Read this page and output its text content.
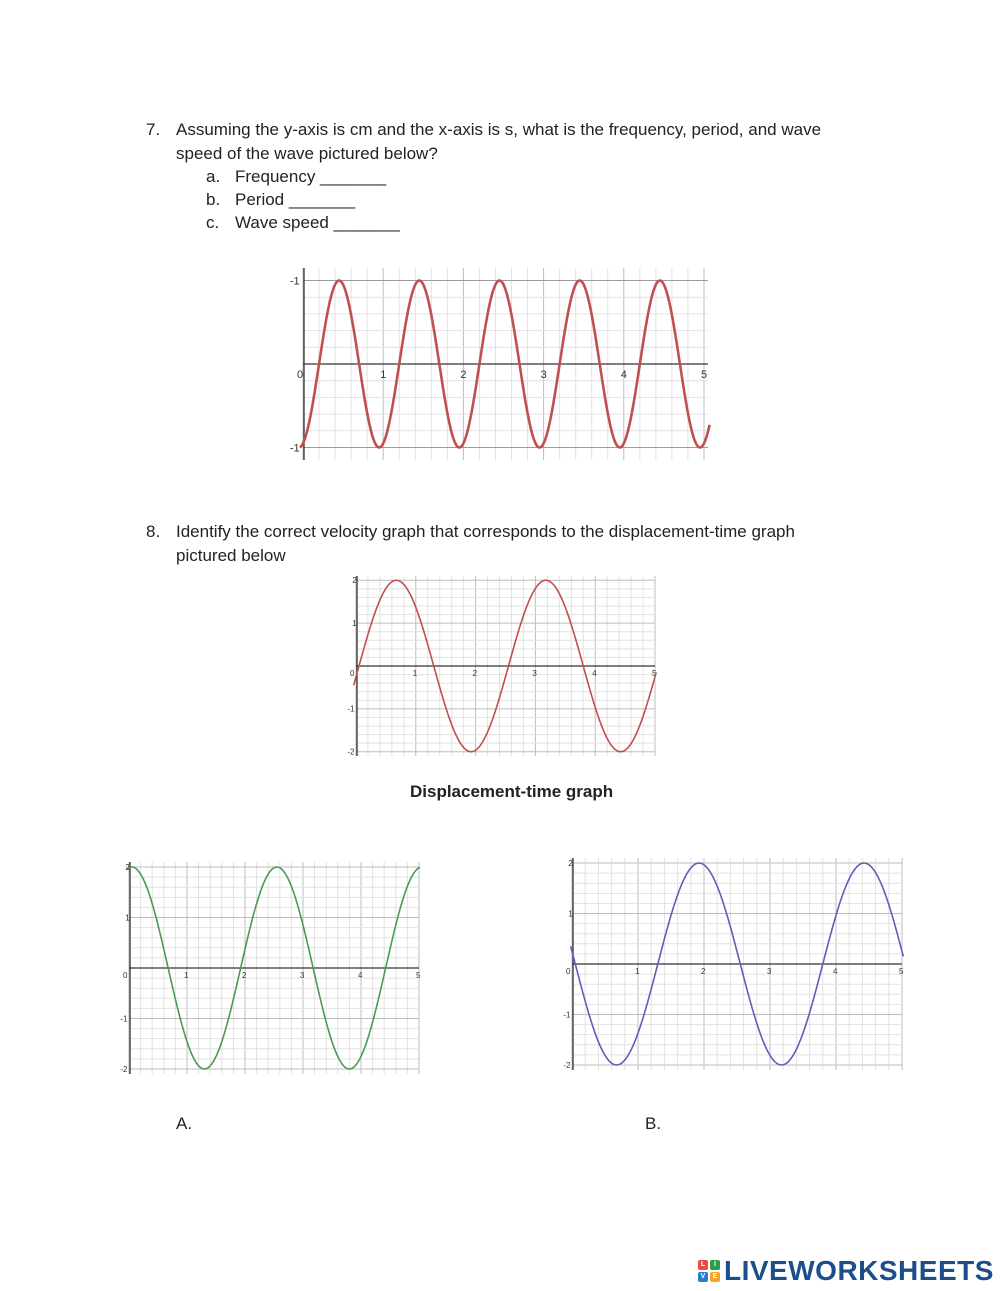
7. Assuming the y-axis is cm and the x-axis is s, what is the frequency, period, and wave
speed of the wave pictured below?
a. Frequency _______
b. Period _______
c. Wave speed _______
0	1	2	3	4	5
-1
-1
8. Identify the correct velocity graph that corresponds to the displacement-time graph
pictured below
0	1	2	3	4	5
2
1
-1
-2
Displacement-time graph
0	1	2	3	4	5
2
1
-1
-2
0	1	2	3	4	5
2
1
-1
-2
A.	B.
L	I
V	E LIVEWORKSHEETS
